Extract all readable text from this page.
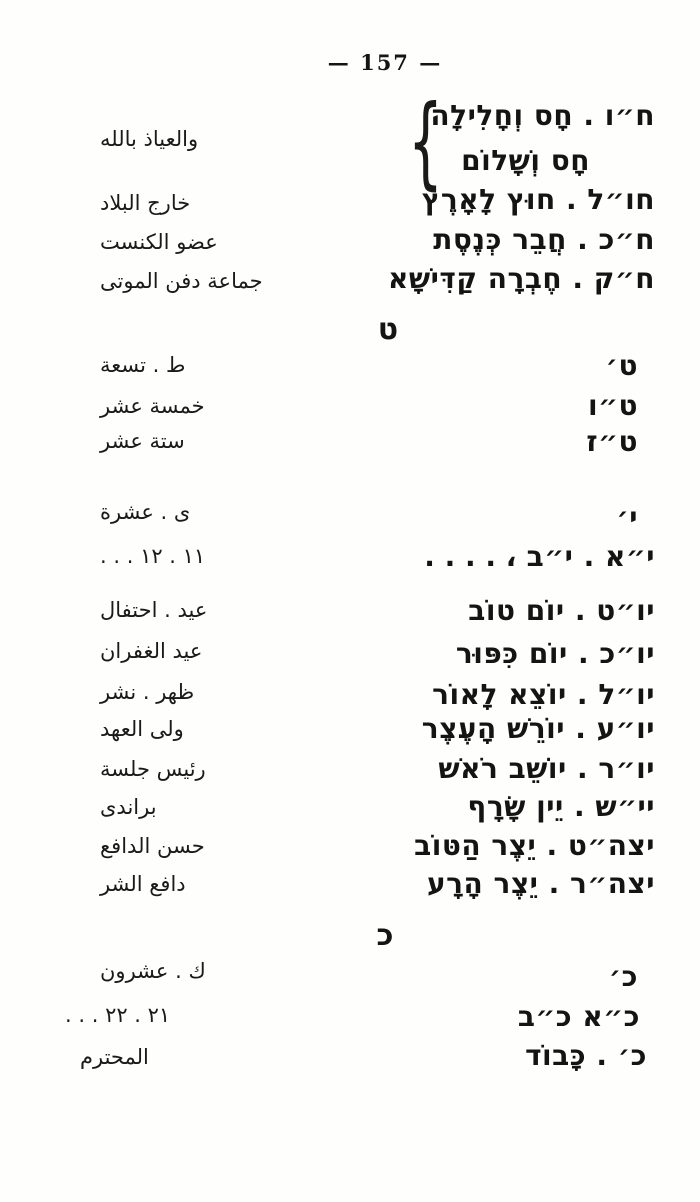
— 157 —
ח״ו . חָס וְחָלִילָה
חָס וְשָׁלוֹם
{
والعياذ بالله
חו״ל . חוּץ לָאָרֶץ
خارج البلاد
ח״כ . חֲבֵר כְּנֶסֶת
عضو الكنست
ח״ק . חֶבְרָה קַדִּישָׁא
جماعة دفن الموتى
ט
ט׳
ط . تسعة
ט״ו
خمسة عشر
ט״ז
ستة عشر
י׳
ى . عشرة
י״א . י״ב ، . . . .
١١ . ١٢ . . .
יו״ט . יוֹם טוֹב
عيد . احتفال
יו״כ . יוֹם כִּפּוּר
عيد الغفران
יו״ל . יוֹצֵא לָאוֹר
ظهر . نشر
יו״ע . יוֹרֵשׁ הָעֶצֶר
ولى العهد
יו״ר . יוֹשֵׁב רֹאשׁ
رئيس جلسة
יי״ש . יֵין שָׂרָף
براندى
יצה״ט . יֵצֶר הַטּוֹב
حسن الدافع
יצה״ר . יֵצֶר הָרָע
دافع الشر
כ
כ׳
ك . عشرون
כ״א כ״ב
٢١ . ٢٢ . . .
כ׳ . כָּבוֹד
المحترم
